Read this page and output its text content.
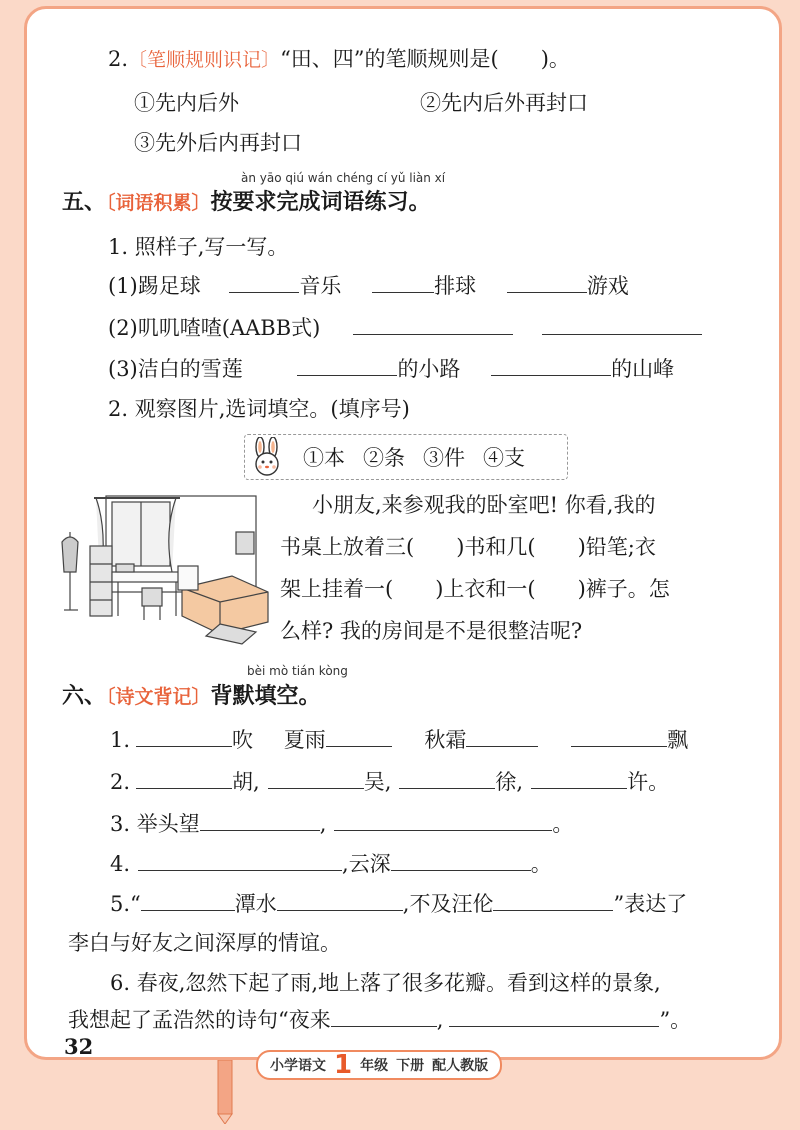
2.〔笔顺规则识记〕“田、四”的笔顺规则是( )。
①先内后外	②先内后外再封口
③先外后内再封口
àn yāo qiú wán chéng cí yǔ liàn xí
五、〔词语积累〕按要求完成词语练习。
1. 照样子,写一写。
(1)踢足球	音乐	排球	游戏
(2)叽叽喳喳(AABB式)
(3)洁白的雪莲	的小路	的山峰
2. 观察图片,选词填空。(填序号)
①本 ②条 ③件 ④支
小朋友,来参观我的卧室吧! 你看,我的
书桌上放着三( )书和几( )铅笔;衣
架上挂着一( )上衣和一( )裤子。怎
么样? 我的房间是不是很整洁呢?
bèi mò tián kòng
六、〔诗文背记〕背默填空。
1.	吹 夏雨	秋霜	飘
2.	胡,	吴,	徐,	许。
3. 举头望	,	。
4.	,云深	。
5.“	潭水	,不及汪伦	”表达了
李白与好友之间深厚的情谊。
6. 春夜,忽然下起了雨,地上落了很多花瓣。看到这样的景象,
我想起了孟浩然的诗句“夜来	,	”。
32
小学语文 1 年级 下册 配人教版
